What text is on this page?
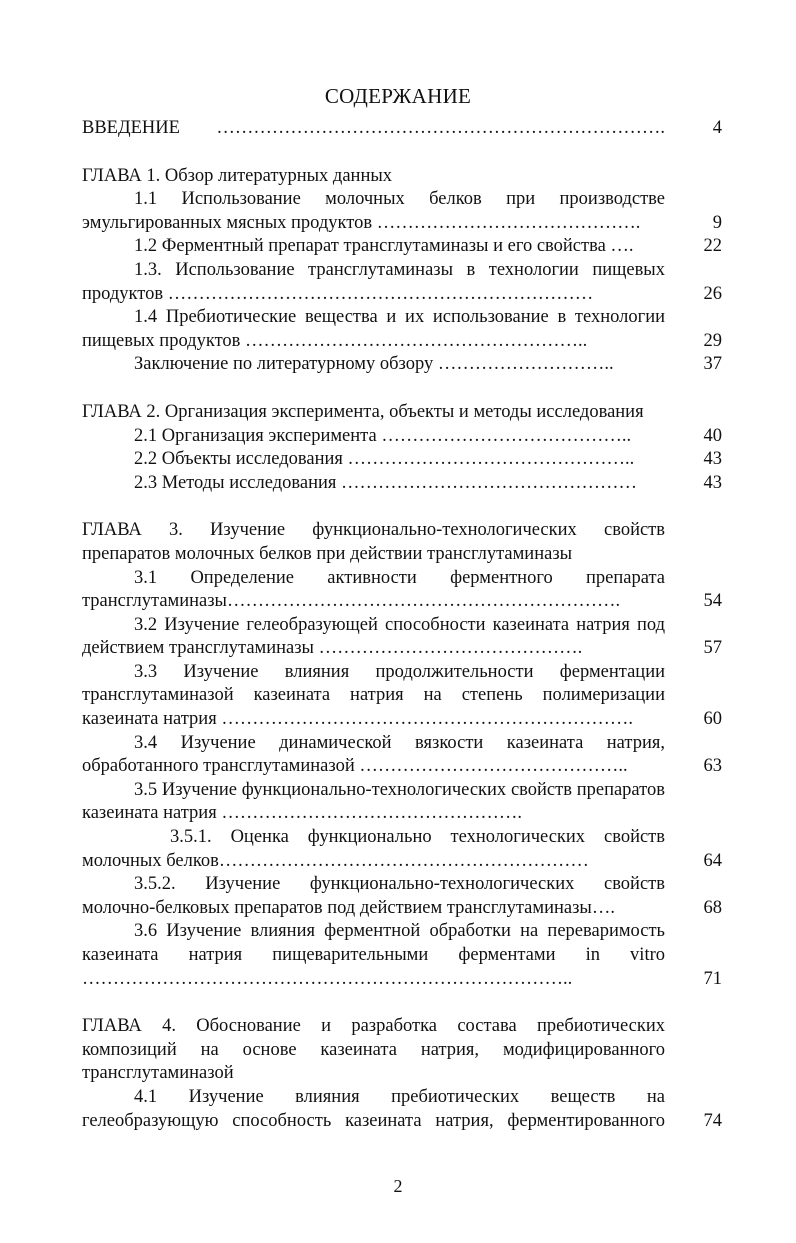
СОДЕРЖАНИЕ
ВВЕДЕНИЕ ……………………………………………………………….	4
ГЛАВА 1. Обзор литературных данных
1.1 Использование молочных белков при производстве эмульгированных мясных продуктов …………………………………….	9
1.2 Ферментный препарат трансглутаминазы и его свойства ….	22
1.3. Использование трансглутаминазы в технологии пищевых продуктов ……………………………………………………………	26
1.4 Пребиотические вещества и их использование в технологии пищевых продуктов ………………………………………………..	29
Заключение по литературному обзору ………………………..	37
ГЛАВА 2. Организация эксперимента, объекты и методы исследования
2.1 Организация эксперимента …………………………………..	40
2.2 Объекты исследования ………………………………………..	43
2.3 Методы исследования …………………………………………	43
ГЛАВА 3. Изучение функционально-технологических свойств препаратов молочных белков при действии трансглутаминазы
3.1 Определение активности ферментного препарата трансглутаминазы……………………………………………………….	54
3.2 Изучение гелеобразующей способности казеината натрия под действием трансглутаминазы …………………………………….	57
3.3 Изучение влияния продолжительности ферментации трансглутаминазой казеината натрия на степень полимеризации казеината натрия ………………………………………………………….	60
3.4 Изучение динамической вязкости казеината натрия, обработанного трансглутаминазой ……………………………………..	63
3.5 Изучение функционально-технологических свойств препаратов казеината натрия ………………………………………….
3.5.1. Оценка функционально технологических свойств молочных белков……………………………………………………	64
3.5.2. Изучение функционально-технологических свойств молочно-белковых препаратов под действием трансглутаминазы….	68
3.6 Изучение влияния ферментной обработки на переваримость казеината натрия пищеварительными ферментами in vitro ……………………………………………………………………..	71
ГЛАВА 4. Обоснование и разработка состава пребиотических композиций на основе казеината натрия, модифицированного трансглутаминазой
4.1 Изучение влияния пребиотических веществ на гелеобразующую способность казеината натрия, ферментированного	74
2
